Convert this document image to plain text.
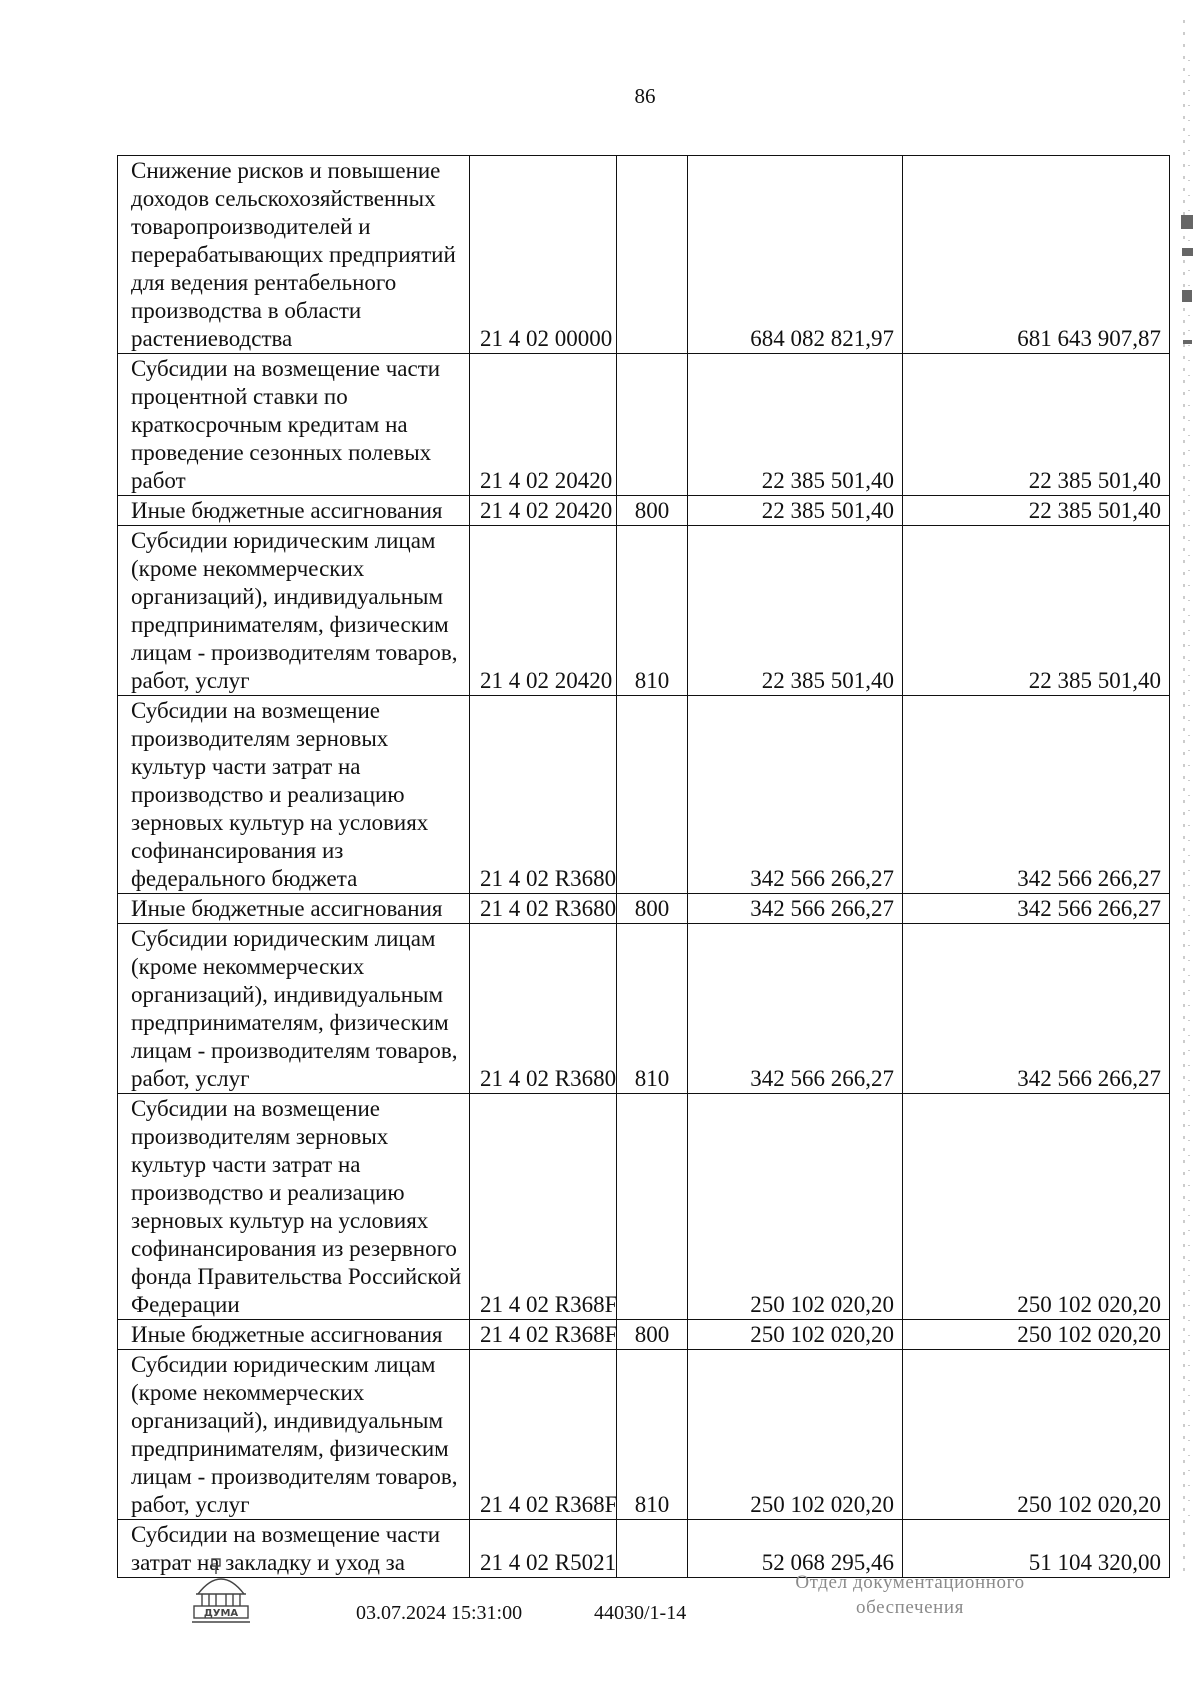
86
Снижение рисков и повышение доходов сельскохозяйственных товаропроизводителей и перерабатывающих предприятий для ведения рентабельного производства в области растениеводства	21 4 02 00000		684 082 821,97	681 643 907,87
Субсидии на возмещение части процентной ставки по краткосрочным кредитам на проведение сезонных полевых работ	21 4 02 20420		22 385 501,40	22 385 501,40
Иные бюджетные ассигнования	21 4 02 20420	800	22 385 501,40	22 385 501,40
Субсидии юридическим лицам (кроме некоммерческих организаций), индивидуальным предпринимателям, физическим лицам - производителям товаров, работ, услуг	21 4 02 20420	810	22 385 501,40	22 385 501,40
Субсидии на возмещение производителям зерновых культур части затрат на производство и реализацию зерновых культур на условиях софинансирования из федерального бюджета	21 4 02 R3680		342 566 266,27	342 566 266,27
Иные бюджетные ассигнования	21 4 02 R3680	800	342 566 266,27	342 566 266,27
Субсидии юридическим лицам (кроме некоммерческих организаций), индивидуальным предпринимателям, физическим лицам - производителям товаров, работ, услуг	21 4 02 R3680	810	342 566 266,27	342 566 266,27
Субсидии на возмещение производителям зерновых культур части затрат на производство и реализацию зерновых культур на условиях софинансирования из резервного фонда Правительства Российской Федерации	21 4 02 R368F		250 102 020,20	250 102 020,20
Иные бюджетные ассигнования	21 4 02 R368F	800	250 102 020,20	250 102 020,20
Субсидии юридическим лицам (кроме некоммерческих организаций), индивидуальным предпринимателям, физическим лицам - производителям товаров, работ, услуг	21 4 02 R368F	810	250 102 020,20	250 102 020,20
Субсидии на возмещение части затрат на закладку и уход за	21 4 02 R5021		52 068 295,46	51 104 320,00
ДУМА	03.07.2024 15:31:00	44030/1-14
Отдел документационного
обеспечения
